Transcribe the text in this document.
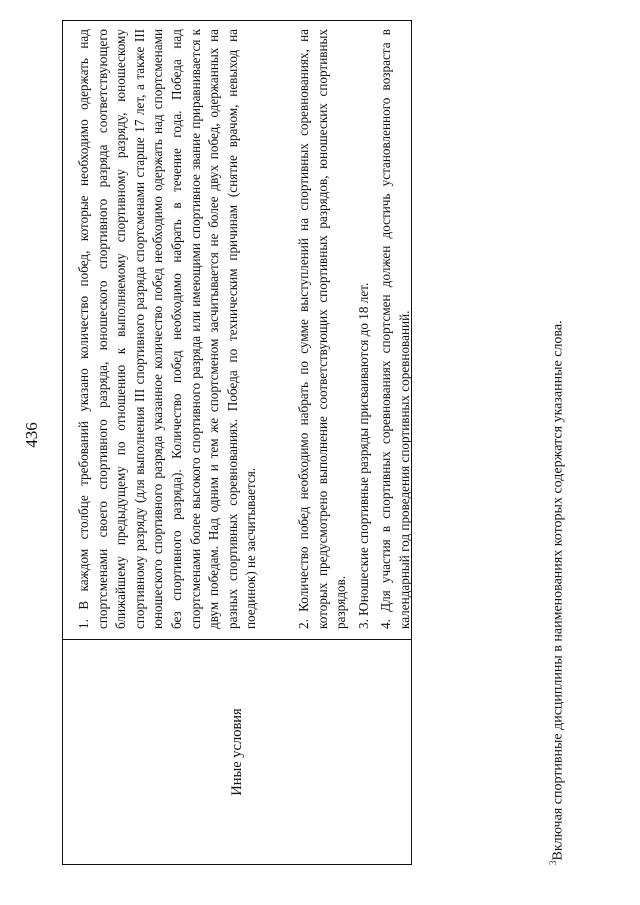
436
Иные условия

1. В каждом столбце требований указано количество побед, которые необходимо одержать над спортсменами своего спортивного разряда, юношеского спортивного разряда соответствующего ближайшему предыдущему по отношению к выполняемому спортивному разряду, юношескому спортивному разряду (для выполнения III спортивного разряда спортсменами старше 17 лет, а также III юношеского спортивного разряда указанное количество побед необходимо одержать над спортсменами без спортивного разряда). Количество побед необходимо набрать в течение года. Победа над спортсменами более высокого спортивного разряда или имеющими спортивное звание приравнивается к двум победам. Над одним и тем же спортсменом засчитывается не более двух побед, одержанных на разных спортивных соревнованиях. Победа по техническим причинам (снятие врачом, невыход на поединок) не засчитывается.	2. Количество побед необходимо набрать по сумме выступлений на спортивных соревнованиях, на которых предусмотрено выполнение соответствующих спортивных разрядов, юношеских спортивных разрядов. 3. Юношеские спортивные разряды присваиваются до 18 лет. 4. Для участия в спортивных соревнованиях спортсмен должен достичь установленного возраста в календарный год проведения спортивных соревнований.

$^3$Включая спортивные дисциплины в наименованиях которых содержатся указанные слова.
